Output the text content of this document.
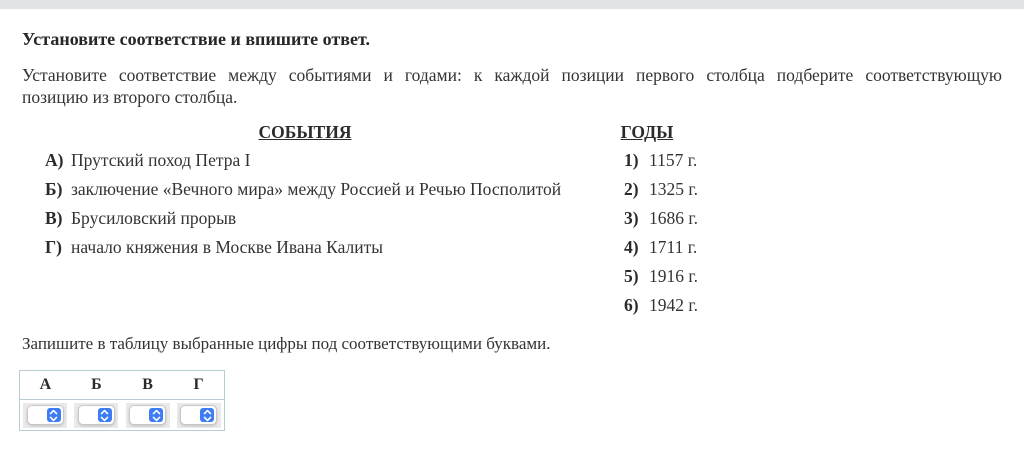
Установите соответствие и впишите ответ.

Установите соответствие между событиями и годами: к каждой позиции первого столбца подберите соответствующую
позицию из второго столбца.

СОБЫТИЯ
А) Прутский поход Петра I
Б) заключение «Вечного мира» между Россией и Речью Посполитой
В) Брусиловский прорыв
Г) начало княжения в Москве Ивана Калиты
ГОДЫ
1) 1157 г.
2) 1325 г.
3) 1686 г.
4) 1711 г.
5) 1916 г.
6) 1942 г.

Запишите в таблицу выбранные цифры под соответствующими буквами.

А	Б	В	Г
